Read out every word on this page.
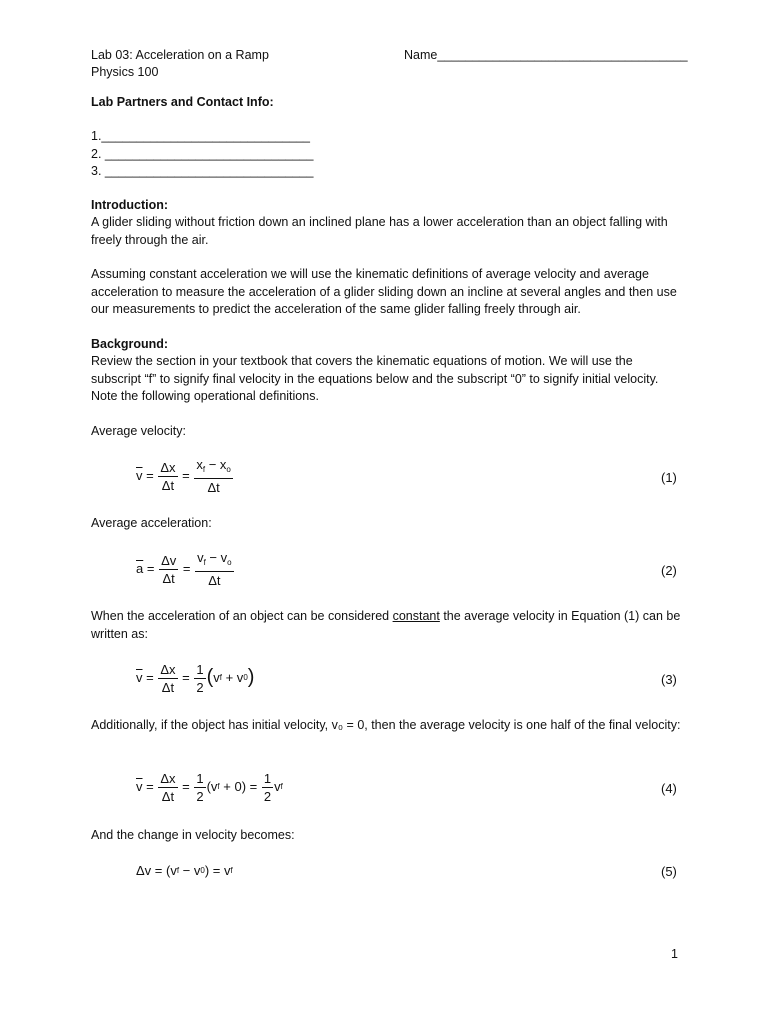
Lab 03: Acceleration on a Ramp	Name____________________________________
Physics 100
Lab Partners and Contact Info:
1.______________________________
2. ______________________________
3. ______________________________
Introduction:
A glider sliding without friction down an inclined plane has a lower acceleration than an object falling with freely through the air.
Assuming constant acceleration we will use the kinematic definitions of average velocity and average acceleration to measure the acceleration of a glider sliding down an incline at several angles and then use our measurements to predict the acceleration of the same glider falling freely through air.
Background:
Review the section in your textbook that covers the kinematic equations of motion. We will use the subscript “f” to signify final velocity in the equations below and the subscript “0” to signify initial velocity. Note the following operational definitions.
Average velocity:
$\overline{v} = \frac{\Delta x}{\Delta t} = \frac{x_f - x_o}{\Delta t}$	(1)
Average acceleration:
$\overline{a} = \frac{\Delta v}{\Delta t} = \frac{v_f - v_o}{\Delta t}$	(2)
When the acceleration of an object can be considered constant the average velocity in Equation (1) can be written as:
$\overline{v} = \frac{\Delta x}{\Delta t} = \frac{1}{2}$ ( v f + v 0 )	(3)
Additionally, if the object has initial velocity, v₀ = 0, then the average velocity is one half of the final velocity:
$\overline{v} = \frac{\Delta x}{\Delta t} = \frac{1}{2} (v$ $f + 0) = \frac{1}{2}$ v f	(4)
And the change in velocity becomes:
Δv = (v f − v 0 ) = v f	(5)
1
